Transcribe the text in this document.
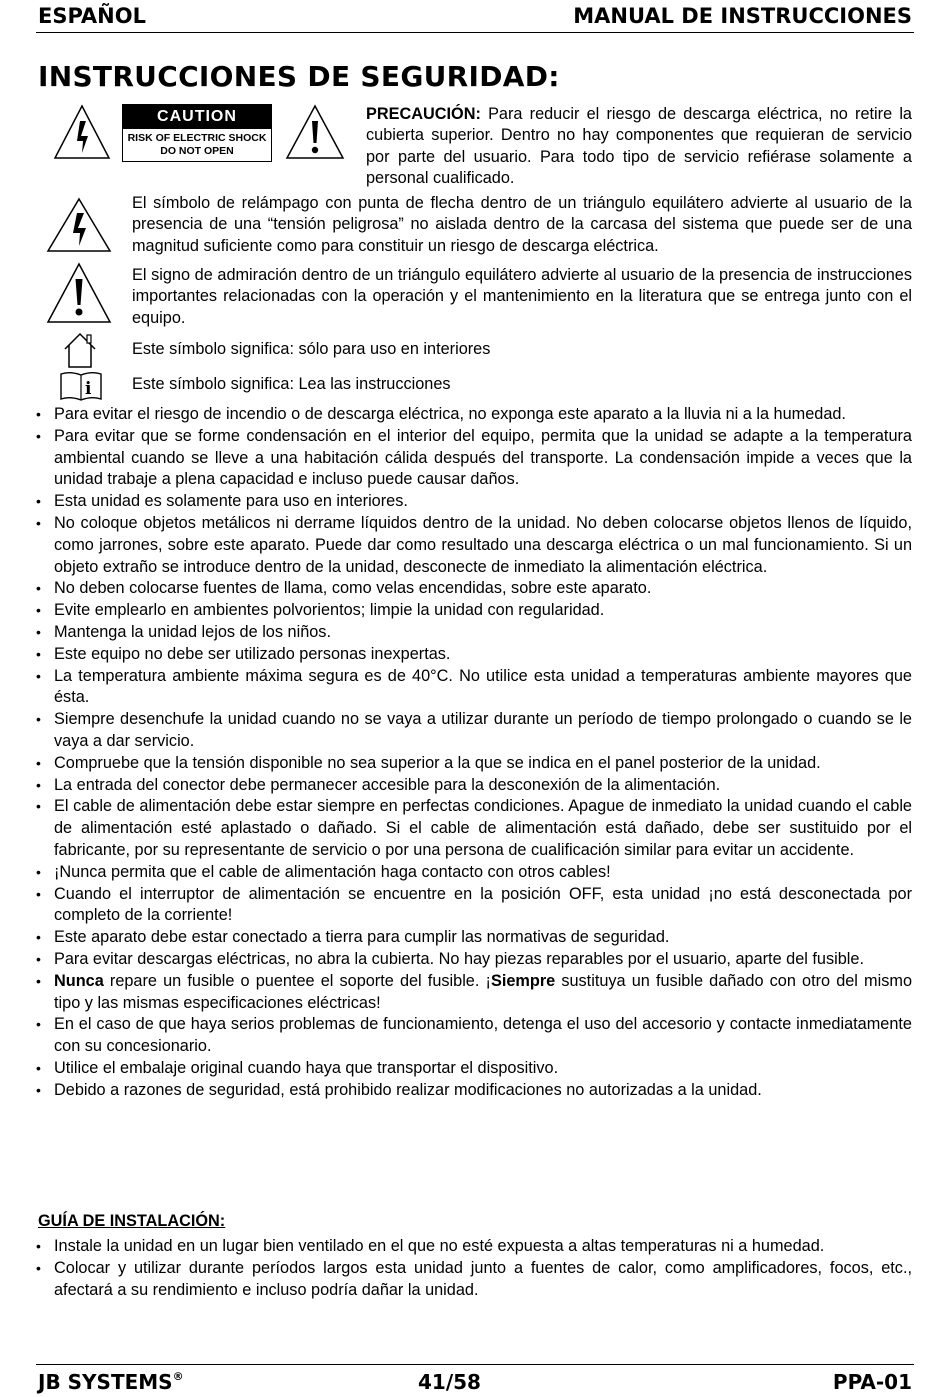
ESPAÑOL	MANUAL DE INSTRUCCIONES
INSTRUCCIONES DE SEGURIDAD:
CAUTION
RISK OF ELECTRIC SHOCK
DO NOT OPEN
PRECAUCIÓN: Para reducir el riesgo de descarga eléctrica, no retire la cubierta superior. Dentro no hay componentes que requieran de servicio por parte del usuario. Para todo tipo de servicio refiérase solamente a personal cualificado.
El símbolo de relámpago con punta de flecha dentro de un triángulo equilátero advierte al usuario de la presencia de una “tensión peligrosa” no aislada dentro de la carcasa del sistema que puede ser de una magnitud suficiente como para constituir un riesgo de descarga eléctrica.
El signo de admiración dentro de un triángulo equilátero advierte al usuario de la presencia de instrucciones importantes relacionadas con la operación y el mantenimiento en la literatura que se entrega junto con el equipo.
Este símbolo significa: sólo para uso en interiores
i Este símbolo significa: Lea las instrucciones
• Para evitar el riesgo de incendio o de descarga eléctrica, no exponga este aparato a la lluvia ni a la humedad.
• Para evitar que se forme condensación en el interior del equipo, permita que la unidad se adapte a la temperatura ambiental cuando se lleve a una habitación cálida después del transporte. La condensación impide a veces que la unidad trabaje a plena capacidad e incluso puede causar daños.
• Esta unidad es solamente para uso en interiores.
• No coloque objetos metálicos ni derrame líquidos dentro de la unidad. No deben colocarse objetos llenos de líquido, como jarrones, sobre este aparato. Puede dar como resultado una descarga eléctrica o un mal funcionamiento. Si un objeto extraño se introduce dentro de la unidad, desconecte de inmediato la alimentación eléctrica.
• No deben colocarse fuentes de llama, como velas encendidas, sobre este aparato.
• Evite emplearlo en ambientes polvorientos; limpie la unidad con regularidad.
• Mantenga la unidad lejos de los niños.
• Este equipo no debe ser utilizado personas inexpertas.
• La temperatura ambiente máxima segura es de 40°C. No utilice esta unidad a temperaturas ambiente mayores que ésta.
• Siempre desenchufe la unidad cuando no se vaya a utilizar durante un período de tiempo prolongado o cuando se le vaya a dar servicio.
• Compruebe que la tensión disponible no sea superior a la que se indica en el panel posterior de la unidad.
• La entrada del conector debe permanecer accesible para la desconexión de la alimentación.
• El cable de alimentación debe estar siempre en perfectas condiciones. Apague de inmediato la unidad cuando el cable de alimentación esté aplastado o dañado. Si el cable de alimentación está dañado, debe ser sustituido por el fabricante, por su representante de servicio o por una persona de cualificación similar para evitar un accidente.
• ¡Nunca permita que el cable de alimentación haga contacto con otros cables!
• Cuando el interruptor de alimentación se encuentre en la posición OFF, esta unidad ¡no está desconectada por completo de la corriente!
• Este aparato debe estar conectado a tierra para cumplir las normativas de seguridad.
• Para evitar descargas eléctricas, no abra la cubierta. No hay piezas reparables por el usuario, aparte del fusible.
• Nunca repare un fusible o puentee el soporte del fusible. ¡Siempre sustituya un fusible dañado con otro del mismo tipo y las mismas especificaciones eléctricas!
• En el caso de que haya serios problemas de funcionamiento, detenga el uso del accesorio y contacte inmediatamente con su concesionario.
• Utilice el embalaje original cuando haya que transportar el dispositivo.
• Debido a razones de seguridad, está prohibido realizar modificaciones no autorizadas a la unidad.
GUÍA DE INSTALACIÓN:
• Instale la unidad en un lugar bien ventilado en el que no esté expuesta a altas temperaturas ni a humedad.
• Colocar y utilizar durante períodos largos esta unidad junto a fuentes de calor, como amplificadores, focos, etc., afectará a su rendimiento e incluso podría dañar la unidad.
JB SYSTEMS®	41/58	PPA-01
